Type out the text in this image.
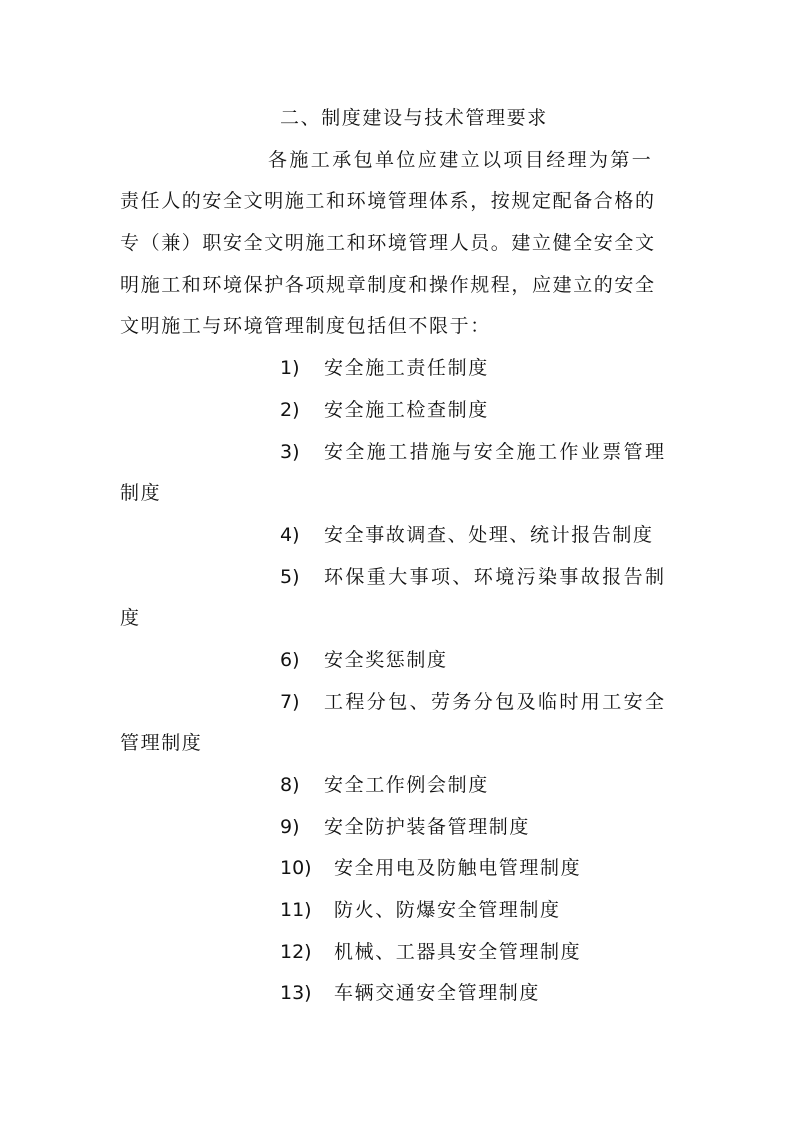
二、制度建设与技术管理要求
各施工承包单位应建立以项目经理为第一
责任人的安全文明施工和环境管理体系，按规定配备合格的
专（兼）职安全文明施工和环境管理人员。建立健全安全文
明施工和环境保护各项规章制度和操作规程，应建立的安全
文明施工与环境管理制度包括但不限于：
1)	安全施工责任制度
2)	安全施工检查制度
3)	安全施工措施与安全施工作业票管理
制度
4)	安全事故调查、处理、统计报告制度
5)	环保重大事项、环境污染事故报告制
度
6)	安全奖惩制度
7)	工程分包、劳务分包及临时用工安全
管理制度
8)	安全工作例会制度
9)	安全防护装备管理制度
10)	安全用电及防触电管理制度
11)	防火、防爆安全管理制度
12)	机械、工器具安全管理制度
13)	车辆交通安全管理制度
